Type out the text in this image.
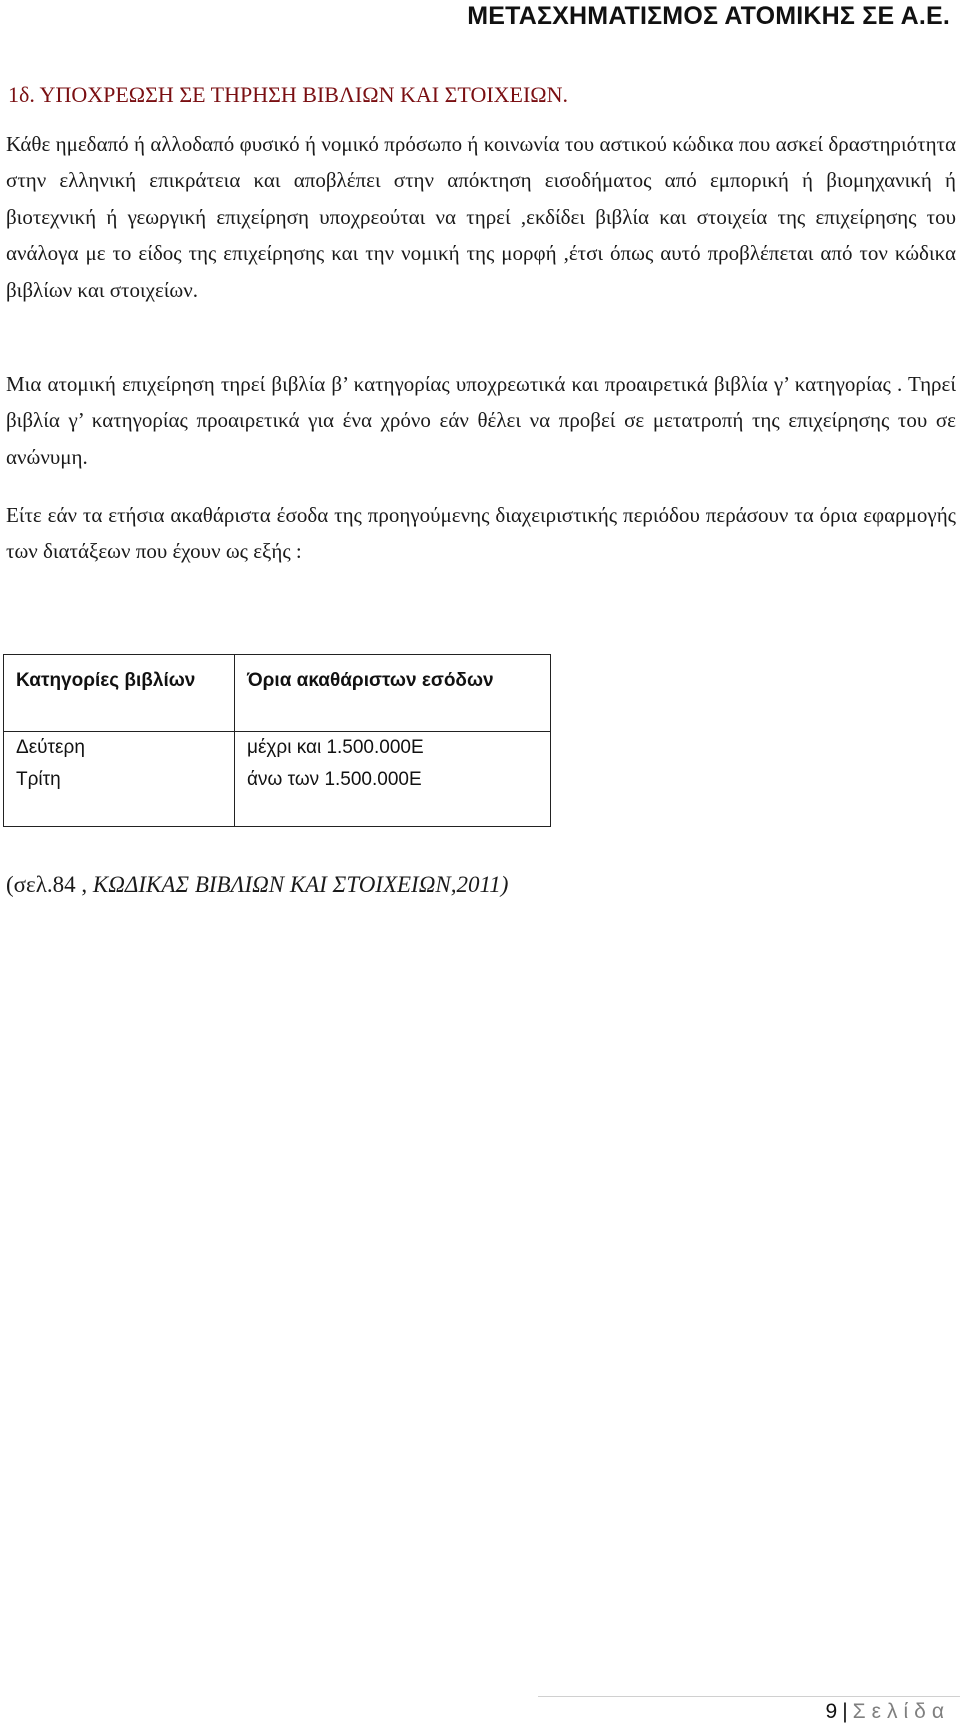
ΜΕΤΑΣΧΗΜΑΤΙΣΜΟΣ ΑΤΟΜΙΚΗΣ ΣΕ Α.Ε.
1δ. ΥΠΟΧΡΕΩΣΗ ΣΕ ΤΗΡΗΣΗ ΒΙΒΛΙΩΝ ΚΑΙ ΣΤΟΙΧΕΙΩΝ.

Κάθε ημεδαπό ή αλλοδαπό φυσικό ή νομικό πρόσωπο ή κοινωνία του αστικού κώδικα που ασκεί δραστηριότητα στην ελληνική επικράτεια και αποβλέπει στην απόκτηση εισοδήματος από εμπορική ή βιομηχανική ή βιοτεχνική ή γεωργική επιχείρηση υποχρεούται να τηρεί ,εκδίδει βιβλία και στοιχεία της επιχείρησης του ανάλογα με το είδος της επιχείρησης και την νομική της μορφή ,έτσι όπως αυτό προβλέπεται από τον κώδικα βιβλίων και στοιχείων.

Μια ατομική επιχείρηση τηρεί βιβλία β’ κατηγορίας υποχρεωτικά και προαιρετικά βιβλία γ’ κατηγορίας . Τηρεί βιβλία γ’ κατηγορίας προαιρετικά για ένα χρόνο εάν θέλει να προβεί σε μετατροπή της επιχείρησης του σε ανώνυμη.

Είτε εάν τα ετήσια ακαθάριστα έσοδα της προηγούμενης διαχειριστικής περιόδου περάσουν τα όρια εφαρμογής των διατάξεων που έχουν ως εξής :

Κατηγορίες βιβλίων	Όρια ακαθάριστων εσόδων
Δεύτερη	μέχρι και 1.500.000Ε
Τρίτη	άνω των 1.500.000Ε
(σελ.84 , ΚΩΔΙΚΑΣ ΒΙΒΛΙΩΝ ΚΑΙ ΣΤΟΙΧΕΙΩΝ,2011)
9 | Σελίδα
